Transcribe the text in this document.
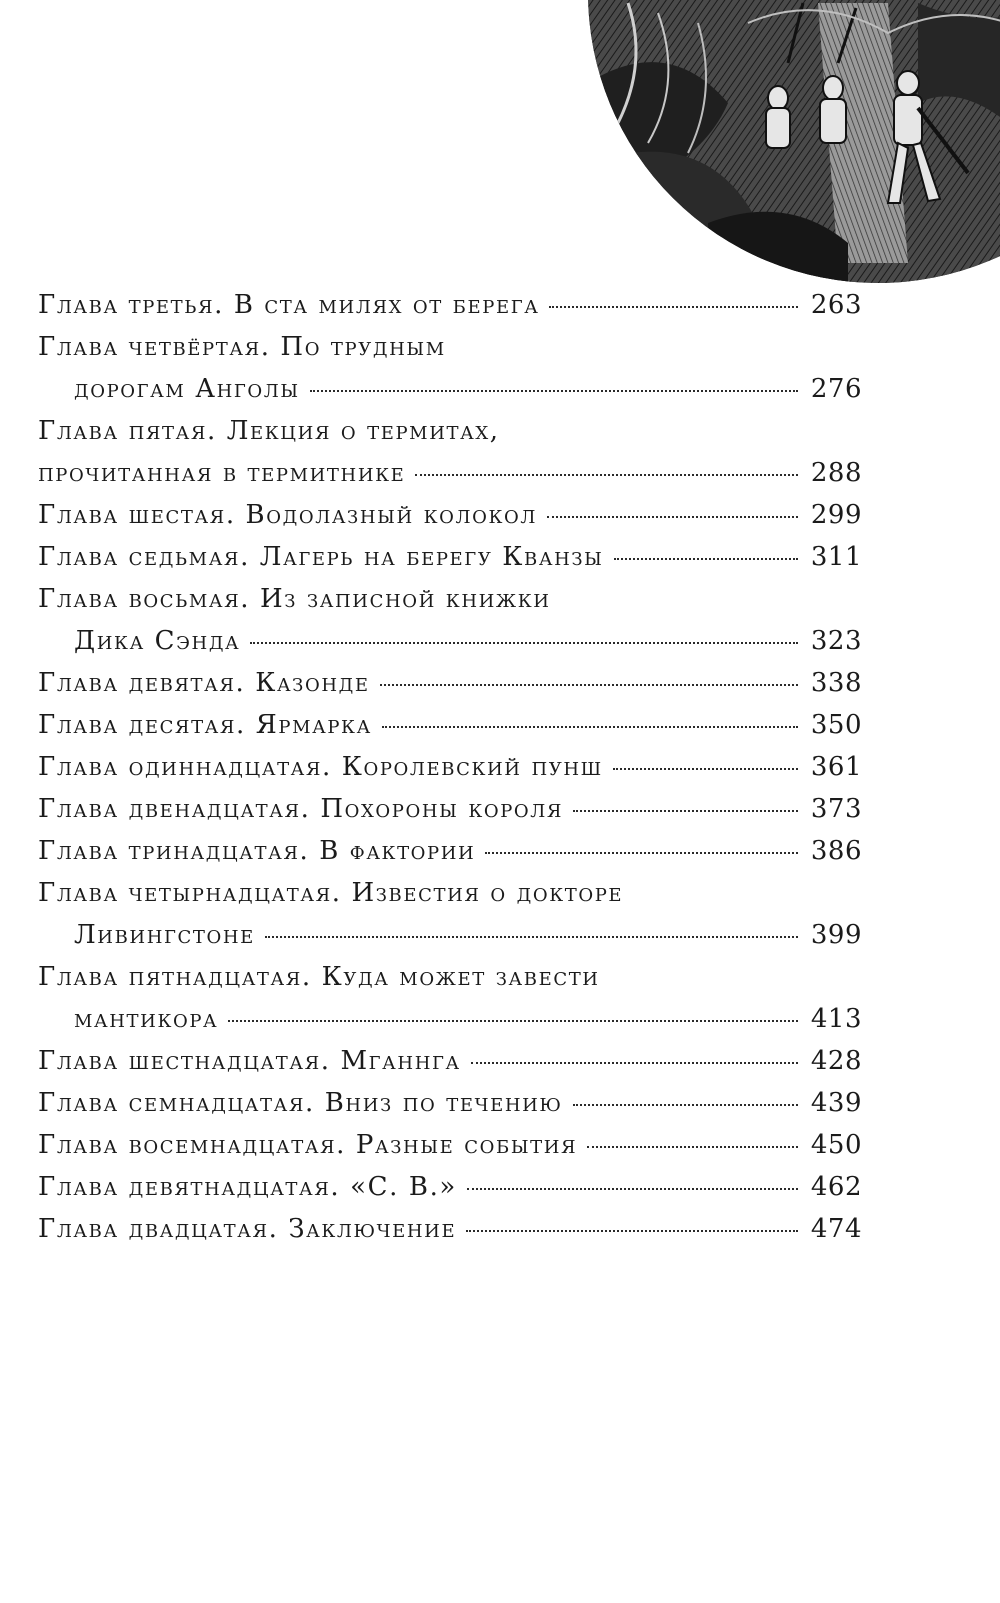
Глава третья. В ста милях от берега	263
Глава четвёртая. По трудным
дорогам Анголы	276
Глава пятая. Лекция о термитах,
прочитанная в термитнике	288
Глава шестая. Водолазный колокол	299
Глава седьмая. Лагерь на берегу Кванзы	311
Глава восьмая. Из записной книжки
Дика Сэнда	323
Глава девятая. Казонде	338
Глава десятая. Ярмарка	350
Глава одиннадцатая. Королевский пунш	361
Глава двенадцатая. Похороны короля	373
Глава тринадцатая. В фактории	386
Глава четырнадцатая. Известия о докторе
Ливингстоне	399
Глава пятнадцатая. Куда может завести
мантикора	413
Глава шестнадцатая. Мганнга	428
Глава семнадцатая. Вниз по течению	439
Глава восемнадцатая. Разные события	450
Глава девятнадцатая. «С. В.»	462
Глава двадцатая. Заключение	474
